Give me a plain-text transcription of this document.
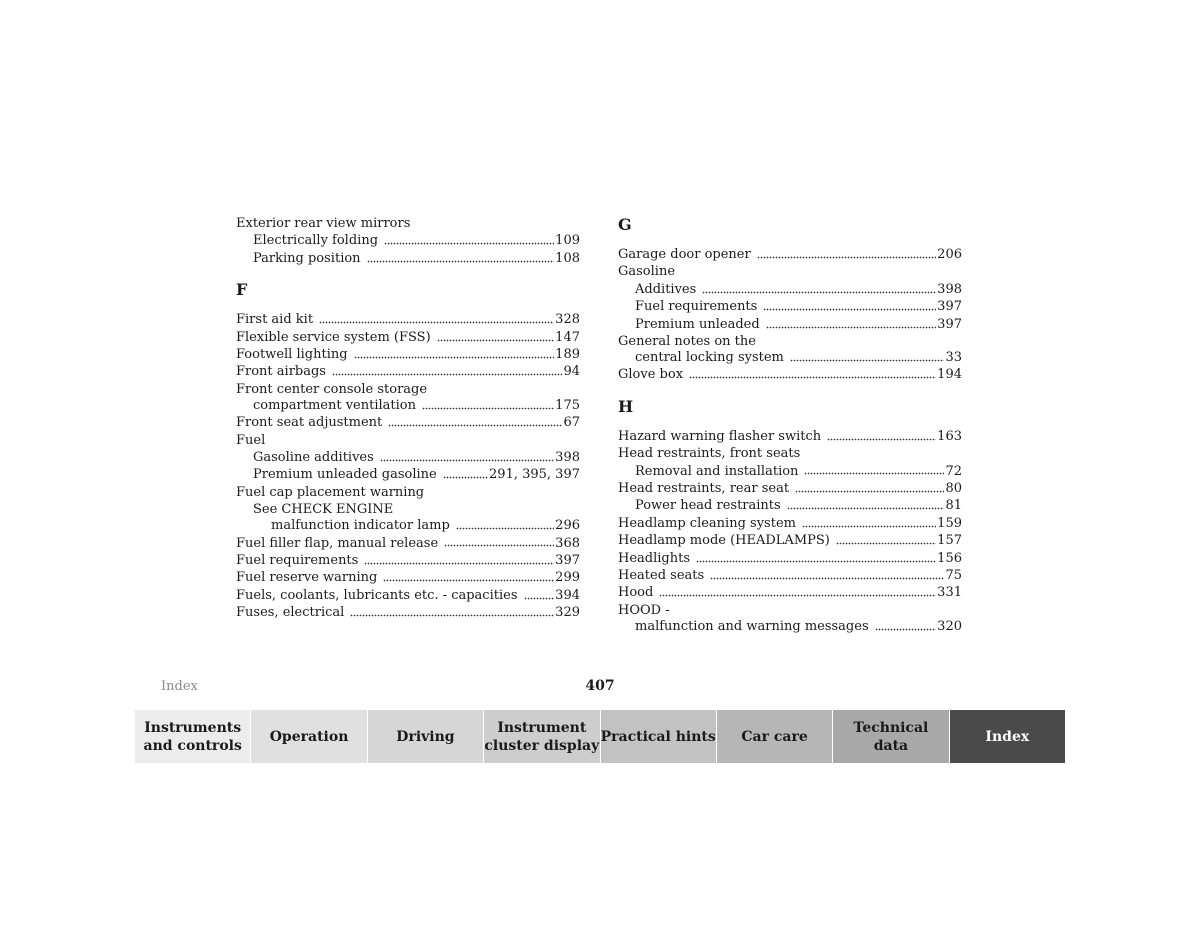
Exterior rear view mirrors
Electrically folding	109
Parking position	108
F
First aid kit	328
Flexible service system (FSS)	147
Footwell lighting	189
Front airbags	94
Front center console storage
compartment ventilation	175
Front seat adjustment	67
Fuel
Gasoline additives	398
Premium unleaded gasoline	291, 395, 397
Fuel cap placement warning
See CHECK ENGINE
malfunction indicator lamp	296
Fuel filler flap, manual release	368
Fuel requirements	397
Fuel reserve warning	299
Fuels, coolants, lubricants etc. - capacities	394
Fuses, electrical	329
G
Garage door opener	206
Gasoline
Additives	398
Fuel requirements	397
Premium unleaded	397
General notes on the
central locking system	33
Glove box	194
H
Hazard warning flasher switch	163
Head restraints, front seats
Removal and installation	72
Head restraints, rear seat	80
Power head restraints	81
Headlamp cleaning system	159
Headlamp mode (HEADLAMPS)	157
Headlights	156
Heated seats	75
Hood	331
HOOD -
malfunction and warning messages	320
Index	407
Instruments
and controls
Operation	Driving
Instrument
cluster display
Practical hints Car care
Technical
data
Index
